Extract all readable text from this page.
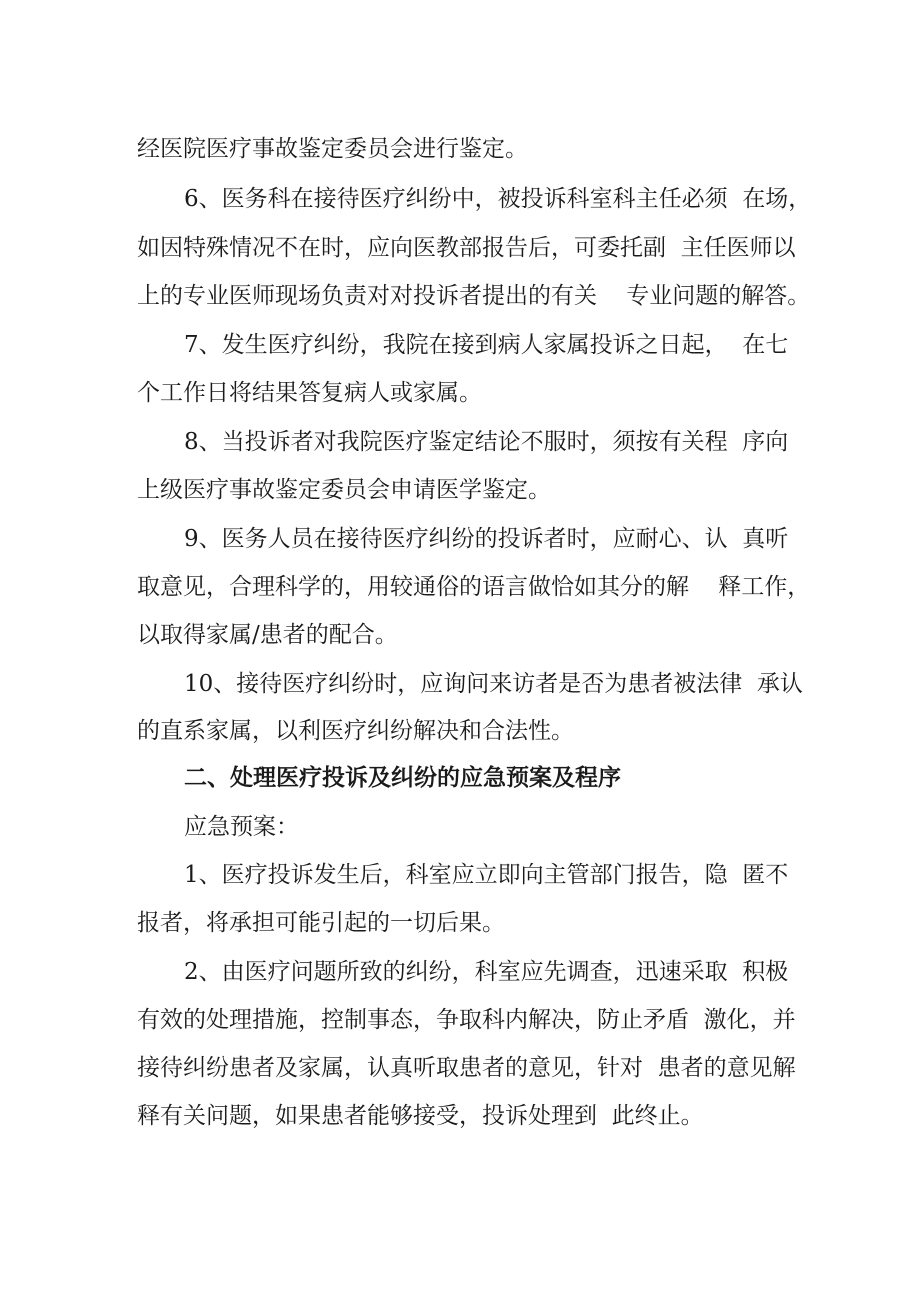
经医院医疗事故鉴定委员会进行鉴定。
6、医务科在接待医疗纠纷中，被投诉科室科主任必须  在场，
如因特殊情况不在时，应向医教部报告后，可委托副  主任医师以
上的专业医师现场负责对对投诉者提出的有关    专业问题的解答。
7、发生医疗纠纷，我院在接到病人家属投诉之日起，  在七
个工作日将结果答复病人或家属。
8、当投诉者对我院医疗鉴定结论不服时，须按有关程  序向
上级医疗事故鉴定委员会申请医学鉴定。
9、医务人员在接待医疗纠纷的投诉者时，应耐心、认  真听
取意见，合理科学的，用较通俗的语言做恰如其分的解    释工作，
以取得家属/患者的配合。
10、接待医疗纠纷时，应询问来访者是否为患者被法律  承认
的直系家属，以利医疗纠纷解决和合法性。
二、处理医疗投诉及纠纷的应急预案及程序
应急预案：
1、医疗投诉发生后，科室应立即向主管部门报告，隐  匿不
报者，将承担可能引起的一切后果。
2、由医疗问题所致的纠纷，科室应先调查，迅速采取  积极
有效的处理措施，控制事态，争取科内解决，防止矛盾  激化，并
接待纠纷患者及家属，认真听取患者的意见，针对  患者的意见解
释有关问题，如果患者能够接受，投诉处理到  此终止。
